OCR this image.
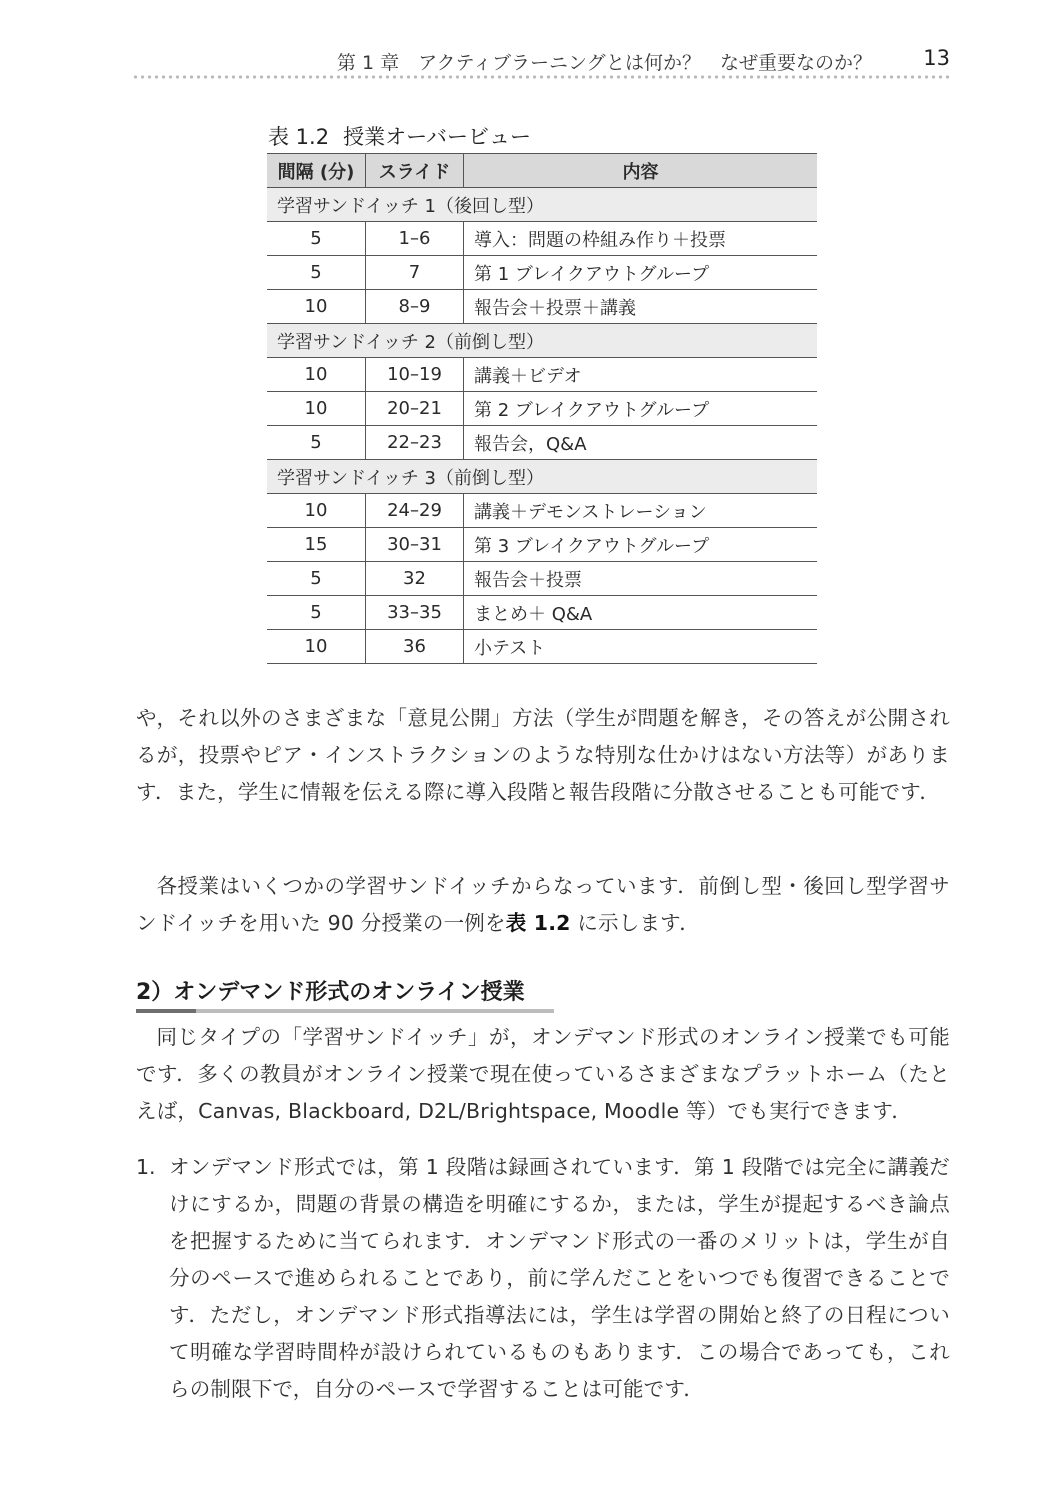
第 1 章　アクティブラーニングとは何か？　なぜ重要なのか？ 13
表 1.2 授業オーバービュー
間隔 (分)	スライド	内容
学習サンドイッチ 1（後回し型）		
5	1–6	導入：問題の枠組み作り＋投票
5	7	第 1 ブレイクアウトグループ
10	8–9	報告会＋投票＋講義
学習サンドイッチ 2（前倒し型）		
10	10–19	講義＋ビデオ
10	20–21	第 2 ブレイクアウトグループ
5	22–23	報告会，Q&A
学習サンドイッチ 3（前倒し型）		
10	24–29	講義＋デモンストレーション
15	30–31	第 3 ブレイクアウトグループ
5	32	報告会＋投票
5	33–35	まとめ＋ Q&A
10	36	小テスト

や，それ以外のさまざまな「意見公開」方法（学生が問題を解き，その答えが公開されるが，投票やピア・インストラクションのような特別な仕かけはない方法等）があります．また，学生に情報を伝える際に導入段階と報告段階に分散させることも可能です．

各授業はいくつかの学習サンドイッチからなっています．前倒し型・後回し型学習サンドイッチを用いた 90 分授業の一例を表 1.2 に示します．

2）オンデマンド形式のオンライン授業

同じタイプの「学習サンドイッチ」が，オンデマンド形式のオンライン授業でも可能です．多くの教員がオンライン授業で現在使っているさまざまなプラットホーム（たとえば，Canvas, Blackboard, D2L/Brightspace, Moodle 等）でも実行できます．

1. オンデマンド形式では，第 1 段階は録画されています．第 1 段階では完全に講義だけにするか，問題の背景の構造を明確にするか，または，学生が提起するべき論点を把握するために当てられます．オンデマンド形式の一番のメリットは，学生が自分のペースで進められることであり，前に学んだことをいつでも復習できることです．ただし，オンデマンド形式指導法には，学生は学習の開始と終了の日程について明確な学習時間枠が設けられているものもあります．この場合であっても，これらの制限下で，自分のペースで学習することは可能です．
